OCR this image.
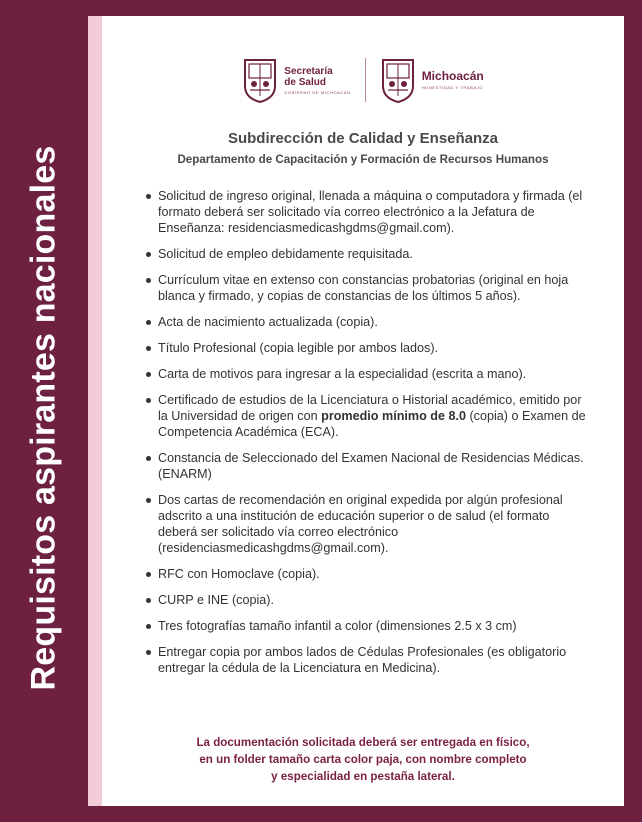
Requisitos aspirantes nacionales
Secretaría
de Salud
GOBIERNO DE MICHOACÁN
Michoacán
HONESTIDAD Y TRABAJO
Subdirección de Calidad y Enseñanza
Departamento de Capacitación y Formación de Recursos Humanos
Solicitud de ingreso original, llenada a máquina o computadora y firmada (el formato deberá ser solicitado vía correo electrónico a la Jefatura de Enseñanza: residenciasmedicashgdms@gmail.com).
Solicitud de empleo debidamente requisitada.
Currículum vitae en extenso con constancias probatorias (original en hoja blanca y firmado, y copias de constancias de los últimos 5 años).
Acta de nacimiento actualizada (copia).
Título Profesional (copia legible por ambos lados).
Carta de motivos para ingresar a la especialidad (escrita a mano).
Certificado de estudios de la Licenciatura o Historial académico, emitido por la Universidad de origen con promedio mínimo de 8.0 (copia) o Examen de Competencia Académica (ECA).
Constancia de Seleccionado del Examen Nacional de Residencias Médicas.(ENARM)
Dos cartas de recomendación en original expedida por algún profesional adscrito a una institución de educación superior o de salud (el formato deberá ser solicitado vía correo electrónico (residenciasmedicashgdms@gmail.com).
RFC con Homoclave (copia).
CURP e INE (copia).
Tres fotografías tamaño infantil a color (dimensiones 2.5 x 3 cm)
Entregar copia por ambos lados de Cédulas Profesionales (es obligatorio entregar la cédula de la Licenciatura en Medicina).
La documentación solicitada deberá ser entregada en físico,
en un folder tamaño carta color paja, con nombre completo
y especialidad en pestaña lateral.
